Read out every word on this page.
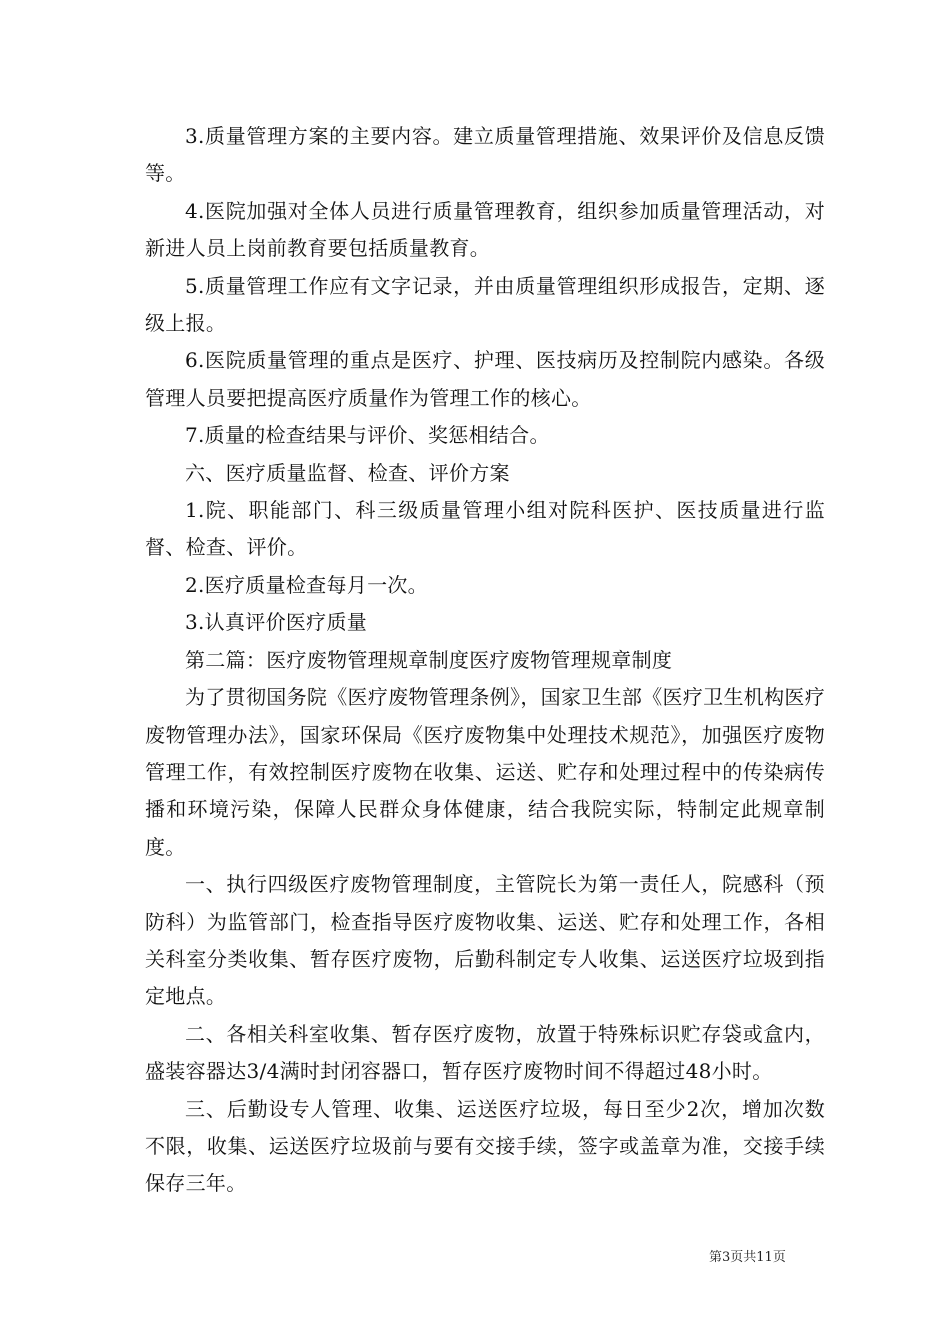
3.质量管理方案的主要内容。建立质量管理措施、效果评价及信息反馈等。

4.医院加强对全体人员进行质量管理教育，组织参加质量管理活动，对新进人员上岗前教育要包括质量教育。

5.质量管理工作应有文字记录，并由质量管理组织形成报告，定期、逐级上报。

6.医院质量管理的重点是医疗、护理、医技病历及控制院内感染。各级管理人员要把提高医疗质量作为管理工作的核心。

7.质量的检查结果与评价、奖惩相结合。

六、医疗质量监督、检查、评价方案

1.院、职能部门、科三级质量管理小组对院科医护、医技质量进行监督、检查、评价。

2.医疗质量检查每月一次。

3.认真评价医疗质量

第二篇：医疗废物管理规章制度医疗废物管理规章制度

为了贯彻国务院《医疗废物管理条例》，国家卫生部《医疗卫生机构医疗废物管理办法》，国家环保局《医疗废物集中处理技术规范》，加强医疗废物管理工作，有效控制医疗废物在收集、运送、贮存和处理过程中的传染病传播和环境污染，保障人民群众身体健康，结合我院实际，特制定此规章制度。

一、执行四级医疗废物管理制度，主管院长为第一责任人，院感科（预防科）为监管部门，检查指导医疗废物收集、运送、贮存和处理工作，各相关科室分类收集、暂存医疗废物，后勤科制定专人收集、运送医疗垃圾到指定地点。

二、各相关科室收集、暂存医疗废物，放置于特殊标识贮存袋或盒内，盛装容器达3/4满时封闭容器口，暂存医疗废物时间不得超过48小时。

三、后勤设专人管理、收集、运送医疗垃圾，每日至少2次，增加次数不限，收集、运送医疗垃圾前与要有交接手续，签字或盖章为准，交接手续保存三年。

第3页共11页
